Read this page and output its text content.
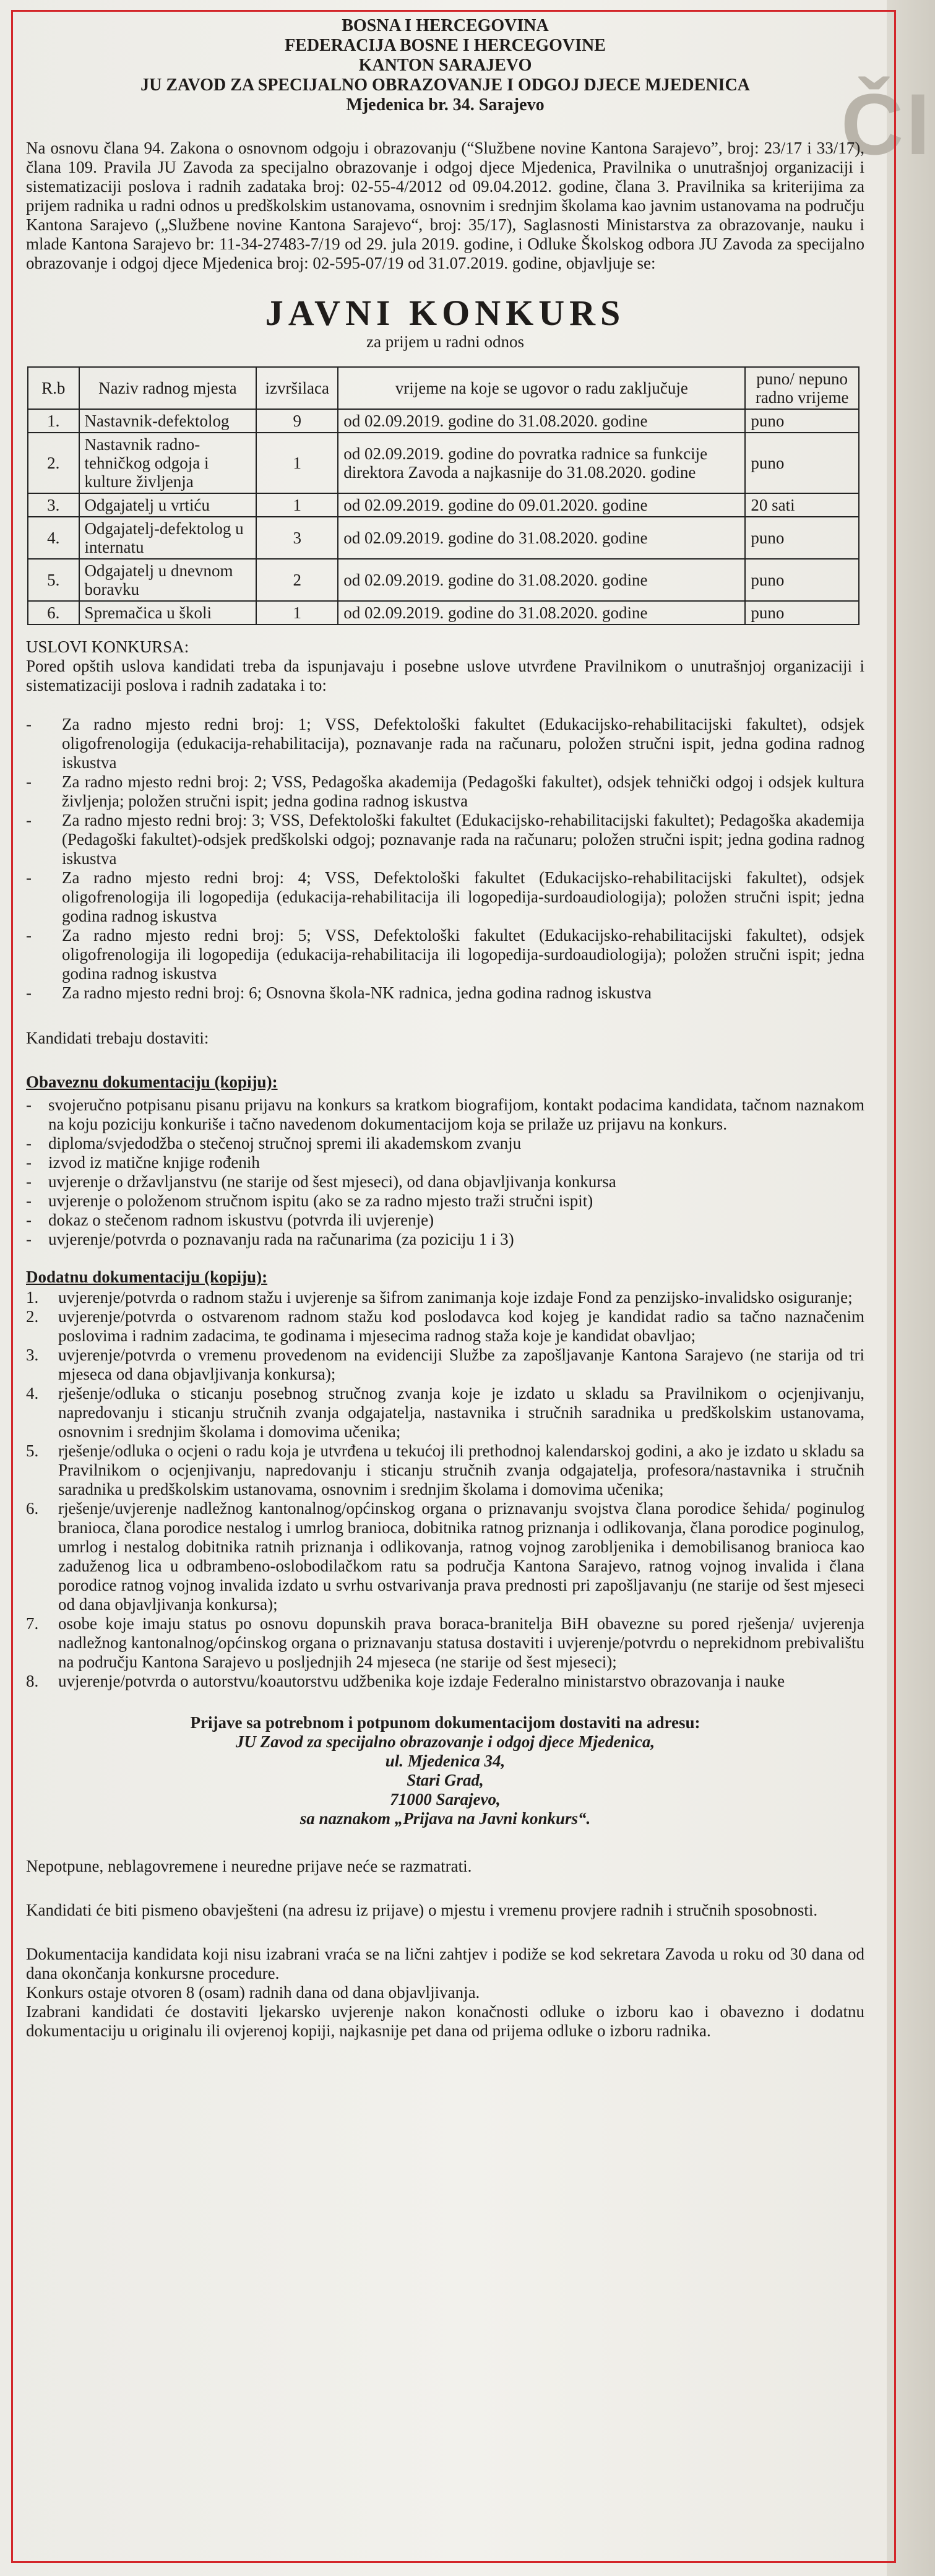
ČI
BOSNA I HERCEGOVINA
FEDERACIJA BOSNE I HERCEGOVINE
KANTON SARAJEVO
JU ZAVOD ZA SPECIJALNO OBRAZOVANJE I ODGOJ DJECE MJEDENICA
Mjedenica br. 34. Sarajevo

Na osnovu člana 94. Zakona o osnovnom odgoju i obrazovanju (“Službene novine Kantona Sarajevo”, broj: 23/17 i 33/17), člana 109. Pravila JU Zavoda za specijalno obrazovanje i odgoj djece Mjedenica, Pravilnika o unutrašnjoj organizaciji i sistematizaciji poslova i radnih zadataka broj: 02-55-4/2012 od 09.04.2012. godine, člana 3. Pravilnika sa kriterijima za prijem radnika u radni odnos u predškolskim ustanovama, osnovnim i srednjim školama kao javnim ustanovama na području Kantona Sarajevo („Službene novine Kantona Sarajevo“, broj: 35/17), Saglasnosti Ministarstva za obrazovanje, nauku i mlade Kantona Sarajevo br: 11-34-27483-7/19 od 29. jula 2019. godine, i Odluke Školskog odbora JU Zavoda za specijalno obrazovanje i odgoj djece Mjedenica broj: 02-595-07/19 od 31.07.2019. godine, objavljuje se:

JAVNI KONKURS
za prijem u radni odnos
R.b	Naziv radnog mjesta	izvršilaca	vrijeme na koje se ugovor o radu zaključuje	puno/ nepuno radno vrijeme
1.	Nastavnik-defektolog	9	od 02.09.2019. godine do 31.08.2020. godine	puno
2.	Nastavnik radno-tehničkog odgoja i kulture življenja	1	od 02.09.2019. godine do povratka radnice sa funkcije direktora Zavoda a najkasnije do 31.08.2020. godine	puno
3.	Odgajatelj u vrtiću	1	od 02.09.2019. godine do 09.01.2020. godine	20 sati
4.	Odgajatelj-defektolog u internatu	3	od 02.09.2019. godine do 31.08.2020. godine	puno
5.	Odgajatelj u dnevnom boravku	2	od 02.09.2019. godine do 31.08.2020. godine	puno
6.	Spremačica u školi	1	od 02.09.2019. godine do 31.08.2020. godine	puno
USLOVI KONKURSA:

Pored opštih uslova kandidati treba da ispunjavaju i posebne uslove utvrđene Pravilnikom o unutrašnjoj organizaciji i sistematizaciji poslova i radnih zadataka i to:

- Za radno mjesto redni broj: 1; VSS, Defektološki fakultet (Edukacijsko-rehabilitacijski fakultet), odsjek oligofrenologija (edukacija-rehabilitacija), poznavanje rada na računaru, položen stručni ispit, jedna godina radnog iskustva
- Za radno mjesto redni broj: 2; VSS, Pedagoška akademija (Pedagoški fakultet), odsjek tehnički odgoj i odsjek kultura življenja; položen stručni ispit; jedna godina radnog iskustva
- Za radno mjesto redni broj: 3; VSS, Defektološki fakultet (Edukacijsko-rehabilitacijski fakultet); Pedagoška akademija (Pedagoški fakultet)-odsjek predškolski odgoj; poznavanje rada na računaru; položen stručni ispit; jedna godina radnog iskustva
- Za radno mjesto redni broj: 4; VSS, Defektološki fakultet (Edukacijsko-rehabilitacijski fakultet), odsjek oligofrenologija ili logopedija (edukacija-rehabilitacija ili logopedija-surdoaudiologija); položen stručni ispit; jedna godina radnog iskustva
- Za radno mjesto redni broj: 5; VSS, Defektološki fakultet (Edukacijsko-rehabilitacijski fakultet), odsjek oligofrenologija ili logopedija (edukacija-rehabilitacija ili logopedija-surdoaudiologija); položen stručni ispit; jedna godina radnog iskustva
- Za radno mjesto redni broj: 6; Osnovna škola-NK radnica, jedna godina radnog iskustva

Kandidati trebaju dostaviti:

Obaveznu dokumentaciju (kopiju):
- svojeručno potpisanu pisanu prijavu na konkurs sa kratkom biografijom, kontakt podacima kandidata, tačnom naznakom na koju poziciju konkuriše i tačno navedenom dokumentacijom koja se prilaže uz prijavu na konkurs.
- diploma/svjedodžba o stečenoj stručnoj spremi ili akademskom zvanju
- izvod iz matične knjige rođenih
- uvjerenje o državljanstvu (ne starije od šest mjeseci), od dana objavljivanja konkursa
- uvjerenje o položenom stručnom ispitu (ako se za radno mjesto traži stručni ispit)
- dokaz o stečenom radnom iskustvu (potvrda ili uvjerenje)
- uvjerenje/potvrda o poznavanju rada na računarima (za poziciju 1 i 3)
Dodatnu dokumentaciju (kopiju):
1. uvjerenje/potvrda o radnom stažu i uvjerenje sa šifrom zanimanja koje izdaje Fond za penzijsko-invalidsko osiguranje;
2. uvjerenje/potvrda o ostvarenom radnom stažu kod poslodavca kod kojeg je kandidat radio sa tačno naznačenim poslovima i radnim zadacima, te godinama i mjesecima radnog staža koje je kandidat obavljao;
3. uvjerenje/potvrda o vremenu provedenom na evidenciji Službe za zapošljavanje Kantona Sarajevo (ne starija od tri mjeseca od dana objavljivanja konkursa);
4. rješenje/odluka o sticanju posebnog stručnog zvanja koje je izdato u skladu sa Pravilnikom o ocjenjivanju, napredovanju i sticanju stručnih zvanja odgajatelja, nastavnika i stručnih saradnika u predškolskim ustanovama, osnovnim i srednjim školama i domovima učenika;
5. rješenje/odluka o ocjeni o radu koja je utvrđena u tekućoj ili prethodnoj kalendarskoj godini, a ako je izdato u skladu sa Pravilnikom o ocjenjivanju, napredovanju i sticanju stručnih zvanja odgajatelja, profesora/nastavnika i stručnih saradnika u predškolskim ustanovama, osnovnim i srednjim školama i domovima učenika;
6. rješenje/uvjerenje nadležnog kantonalnog/općinskog organa o priznavanju svojstva člana porodice šehida/ poginulog branioca, člana porodice nestalog i umrlog branioca, dobitnika ratnog priznanja i odlikovanja, člana porodice poginulog, umrlog i nestalog dobitnika ratnih priznanja i odlikovanja, ratnog vojnog zarobljenika i demobilisanog branioca kao zaduženog lica u odbrambeno-oslobodilačkom ratu sa područja Kantona Sarajevo, ratnog vojnog invalida i člana porodice ratnog vojnog invalida izdato u svrhu ostvarivanja prava prednosti pri zapošljavanju (ne starije od šest mjeseci od dana objavljivanja konkursa);
7. osobe koje imaju status po osnovu dopunskih prava boraca-branitelja BiH obavezne su pored rješenja/ uvjerenja nadležnog kantonalnog/općinskog organa o priznavanju statusa dostaviti i uvjerenje/potvrdu o neprekidnom prebivalištu na području Kantona Sarajevo u posljednjih 24 mjeseca (ne starije od šest mjeseci);
8. uvjerenje/potvrda o autorstvu/koautorstvu udžbenika koje izdaje Federalno ministarstvo obrazovanja i nauke
Prijave sa potrebnom i potpunom dokumentacijom dostaviti na adresu:
JU Zavod za specijalno obrazovanje i odgoj djece Mjedenica,
ul. Mjedenica 34,
Stari Grad,
71000 Sarajevo,
sa naznakom „Prijava na Javni konkurs“.

Nepotpune, neblagovremene i neuredne prijave neće se razmatrati.

Kandidati će biti pismeno obavješteni (na adresu iz prijave) o mjestu i vremenu provjere radnih i stručnih sposobnosti.

Dokumentacija kandidata koji nisu izabrani vraća se na lični zahtjev i podiže se kod sekretara Zavoda u roku od 30 dana od dana okončanja konkursne procedure.

Konkurs ostaje otvoren 8 (osam) radnih dana od dana objavljivanja.

Izabrani kandidati će dostaviti ljekarsko uvjerenje nakon konačnosti odluke o izboru kao i obavezno i dodatnu dokumentaciju u originalu ili ovjerenoj kopiji, najkasnije pet dana od prijema odluke o izboru radnika.
